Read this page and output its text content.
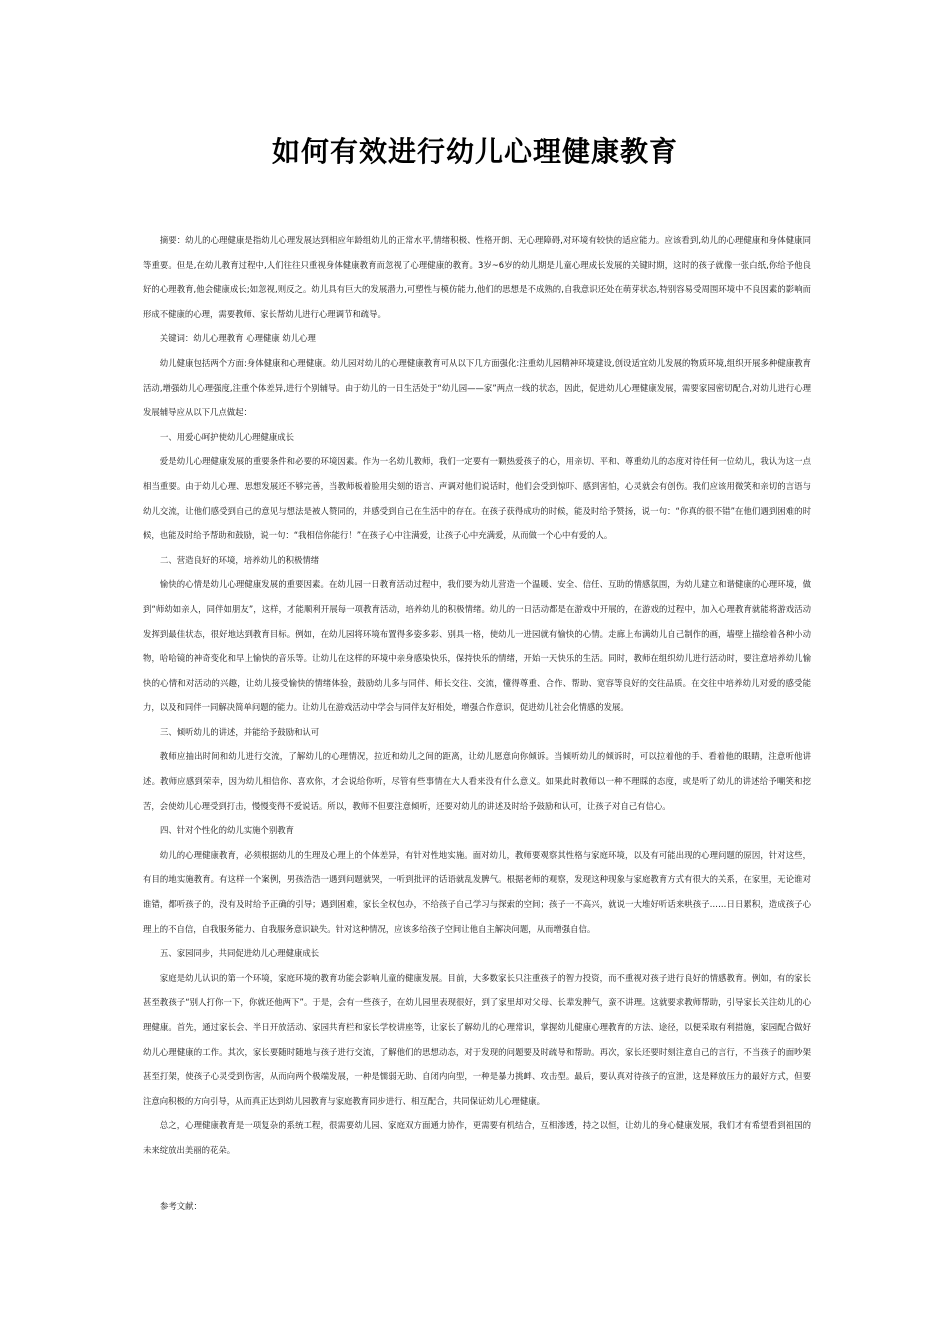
如何有效进行幼儿心理健康教育

摘要：幼儿的心理健康是指幼儿心理发展达到相应年龄组幼儿的正常水平,情绪积极、性格开朗、无心理障碍,对环境有较快的适应能力。应该看到,幼儿的心理健康和身体健康同等重要。但是,在幼儿教育过程中,人们往往只重视身体健康教育而忽视了心理健康的教育。3岁~6岁的幼儿期是儿童心理成长发展的关键时期，这时的孩子就像一张白纸,你给予他良好的心理教育,他会健康成长;如忽视,则反之。幼儿具有巨大的发展潜力,可塑性与模仿能力,他们的思想是不成熟的,自我意识还处在萌芽状态,特别容易受周围环境中不良因素的影响而形成不健康的心理，需要教师、家长帮幼儿进行心理调节和疏导。

关键词：幼儿心理教育 心理健康 幼儿心理

幼儿健康包括两个方面:身体健康和心理健康。幼儿园对幼儿的心理健康教育可从以下几方面强化:注重幼儿园精神环境建设,创设适宜幼儿发展的物质环境,组织开展多种健康教育活动,增强幼儿心理强度,注重个体差异,进行个别辅导。由于幼儿的一日生活处于“幼儿园——家”两点一线的状态，因此，促进幼儿心理健康发展，需要家园密切配合,对幼儿进行心理发展辅导应从以下几点做起：

一、用爱心呵护使幼儿心理健康成长

爱是幼儿心理健康发展的重要条件和必要的环境因素。作为一名幼儿教师，我们一定要有一颗热爱孩子的心，用亲切、平和、尊重幼儿的态度对待任何一位幼儿，我认为这一点相当重要。由于幼儿心理、思想发展还不够完善，当教师板着脸用尖刻的语言、声调对他们说话时，他们会受到惊吓、感到害怕，心灵就会有创伤。我们应该用微笑和亲切的言语与幼儿交流，让他们感受到自己的意见与想法是被人赞同的，并感受到自己在生活中的存在。在孩子获得成功的时候，能及时给予赞扬，说一句：“你真的很不错”在他们遇到困难的时候，也能及时给予帮助和鼓励，说一句：“我相信你能行！”在孩子心中注满爱，让孩子心中充满爱，从而做一个心中有爱的人。

二、营造良好的环境，培养幼儿的积极情绪

愉快的心情是幼儿心理健康发展的重要因素。在幼儿园一日教育活动过程中，我们要为幼儿营造一个温暖、安全、信任、互助的情感氛围，为幼儿建立和谐健康的心理环境，做到“师幼如亲人，同伴如朋友”，这样，才能顺利开展每一项教育活动，培养幼儿的积极情绪。幼儿的一日活动都是在游戏中开展的，在游戏的过程中，加入心理教育就能将游戏活动发挥到最佳状态，很好地达到教育目标。例如，在幼儿园将环境布置得多姿多彩、别具一格，使幼儿一进园就有愉快的心情。走廊上布满幼儿自己制作的画，墙壁上描绘着各种小动物，哈哈镜的神奇变化和早上愉快的音乐等。让幼儿在这样的环境中亲身感染快乐，保持快乐的情绪，开始一天快乐的生活。同时，教师在组织幼儿进行活动时，要注意培养幼儿愉快的心情和对活动的兴趣，让幼儿接受愉快的情绪体验，鼓励幼儿多与同伴、师长交往、交流，懂得尊重、合作、帮助、宽容等良好的交往品质。在交往中培养幼儿对爱的感受能力，以及和同伴一同解决简单问题的能力。让幼儿在游戏活动中学会与同伴友好相处，增强合作意识，促进幼儿社会化情感的发展。

三、倾听幼儿的讲述，并能给予鼓励和认可

教师应抽出时间和幼儿进行交流，了解幼儿的心理情况，拉近和幼儿之间的距离，让幼儿愿意向你倾诉。当倾听幼儿的倾诉时，可以拉着他的手、看着他的眼睛，注意听他讲述。教师应感到荣幸，因为幼儿相信你、喜欢你，才会说给你听，尽管有些事情在大人看来没有什么意义。如果此时教师以一种不理睬的态度，或是听了幼儿的讲述给予嘲笑和挖苦，会使幼儿心理受到打击，慢慢变得不爱说话。所以，教师不但要注意倾听，还要对幼儿的讲述及时给予鼓励和认可，让孩子对自己有信心。

四、针对个性化的幼儿实施个别教育

幼儿的心理健康教育，必须根据幼儿的生理及心理上的个体差异，有针对性地实施。面对幼儿，教师要观察其性格与家庭环境，以及有可能出现的心理问题的原因，针对这些，有目的地实施教育。有这样一个案例，男孩浩浩一遇到问题就哭，一听到批评的话语就乱发脾气。根据老师的观察，发现这种现象与家庭教育方式有很大的关系，在家里，无论谁对谁错，都听孩子的，没有及时给予正确的引导；遇到困难，家长全权包办，不给孩子自己学习与探索的空间；孩子一不高兴，就说一大堆好听话来哄孩子……日日累积，造成孩子心理上的不自信，自我服务能力、自我服务意识缺失。针对这种情况，应该多给孩子空间让他自主解决问题，从而增强自信。

五、家园同步，共同促进幼儿心理健康成长

家庭是幼儿认识的第一个环境，家庭环境的教育功能会影响儿童的健康发展。目前，大多数家长只注重孩子的智力投资，而不重视对孩子进行良好的情感教育。例如，有的家长甚至教孩子“别人打你一下，你就还他两下”。于是，会有一些孩子，在幼儿园里表现很好，到了家里却对父母、长辈发脾气，蛮不讲理。这就要求教师帮助，引导家长关注幼儿的心理健康。首先，通过家长会、半日开放活动、家园共育栏和家长学校讲座等，让家长了解幼儿的心理常识，掌握幼儿健康心理教育的方法、途径，以便采取有利措施，家园配合做好幼儿心理健康的工作。其次，家长要随时随地与孩子进行交流，了解他们的思想动态，对于发现的问题要及时疏导和帮助。再次，家长还要时刻注意自己的言行，不当孩子的面吵架甚至打架，使孩子心灵受到伤害，从而向两个极端发展，一种是懦弱无助、自闭内向型，一种是暴力挑衅、攻击型。最后，要认真对待孩子的宣泄，这是释放压力的最好方式，但要注意向积极的方向引导，从而真正达到幼儿园教育与家庭教育同步进行、相互配合，共同保证幼儿心理健康。

总之，心理健康教育是一项复杂的系统工程，很需要幼儿园、家庭双方面通力协作，更需要有机结合，互相渗透，持之以恒，让幼儿的身心健康发展，我们才有希望看到祖国的未来绽放出美丽的花朵。

参考文献：
